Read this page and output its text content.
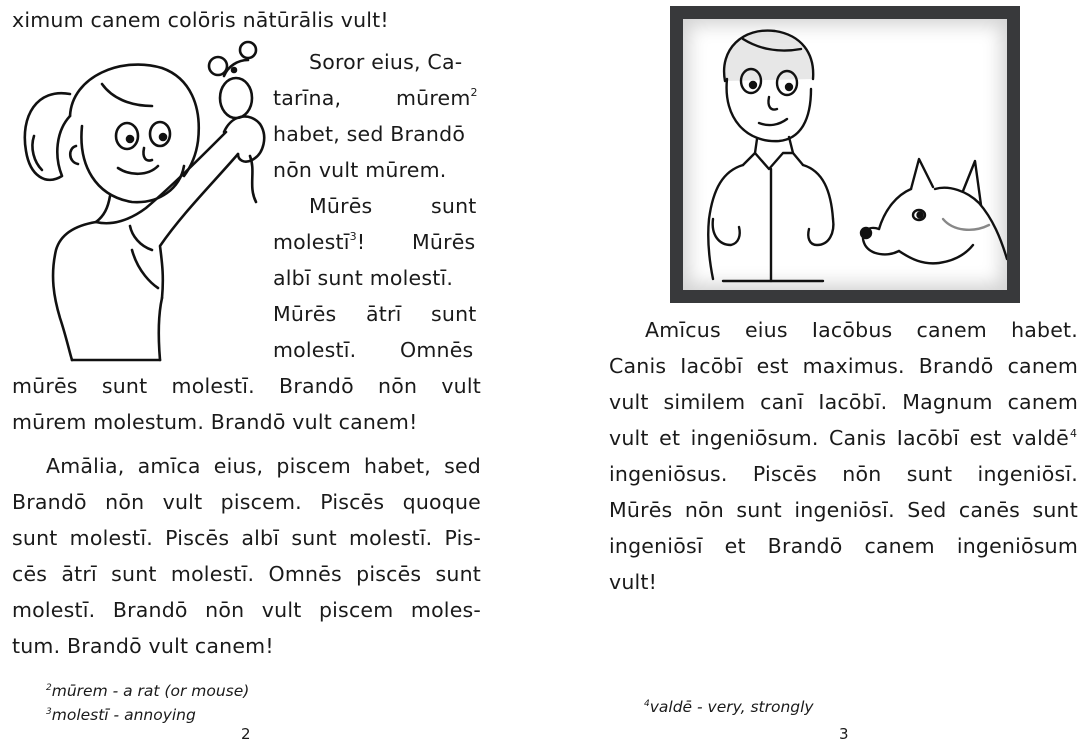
ximum canem colōris nātūrālis vult!
Soror eius, Ca-
tarīna,	mūrem$^2$
habet, sed Brandō
nōn vult mūrem.
Mūrēs	sunt
molestī$^3$! Mūrēs
albī sunt molestī.
Mūrēs ātrī sunt
molestī. Omnēs
mūrēs sunt molestī. Brandō nōn vult
mūrem molestum. Brandō vult canem!
Amālia, amīca eius, piscem habet, sed
Brandō nōn vult piscem. Piscēs quoque
sunt molestī. Piscēs albī sunt molestī. Pis-
cēs ātrī sunt molestī. Omnēs piscēs sunt
molestī. Brandō nōn vult piscem moles-
tum. Brandō vult canem!
$^2$mūrem - a rat (or mouse)
$^3$molestī - annoying
2
Amīcus eius Iacōbus canem habet.
Canis Iacōbī est maximus. Brandō canem
vult similem canī Iacōbī. Magnum canem
vult et ingeniōsum. Canis Iacōbī est valdē 4
ingeniōsus. Piscēs nōn sunt ingeniōsī.
Mūrēs nōn sunt ingeniōsī. Sed canēs sunt
ingeniōsī et Brandō canem ingeniōsum
vult!
$^4$valdē - very, strongly
3
